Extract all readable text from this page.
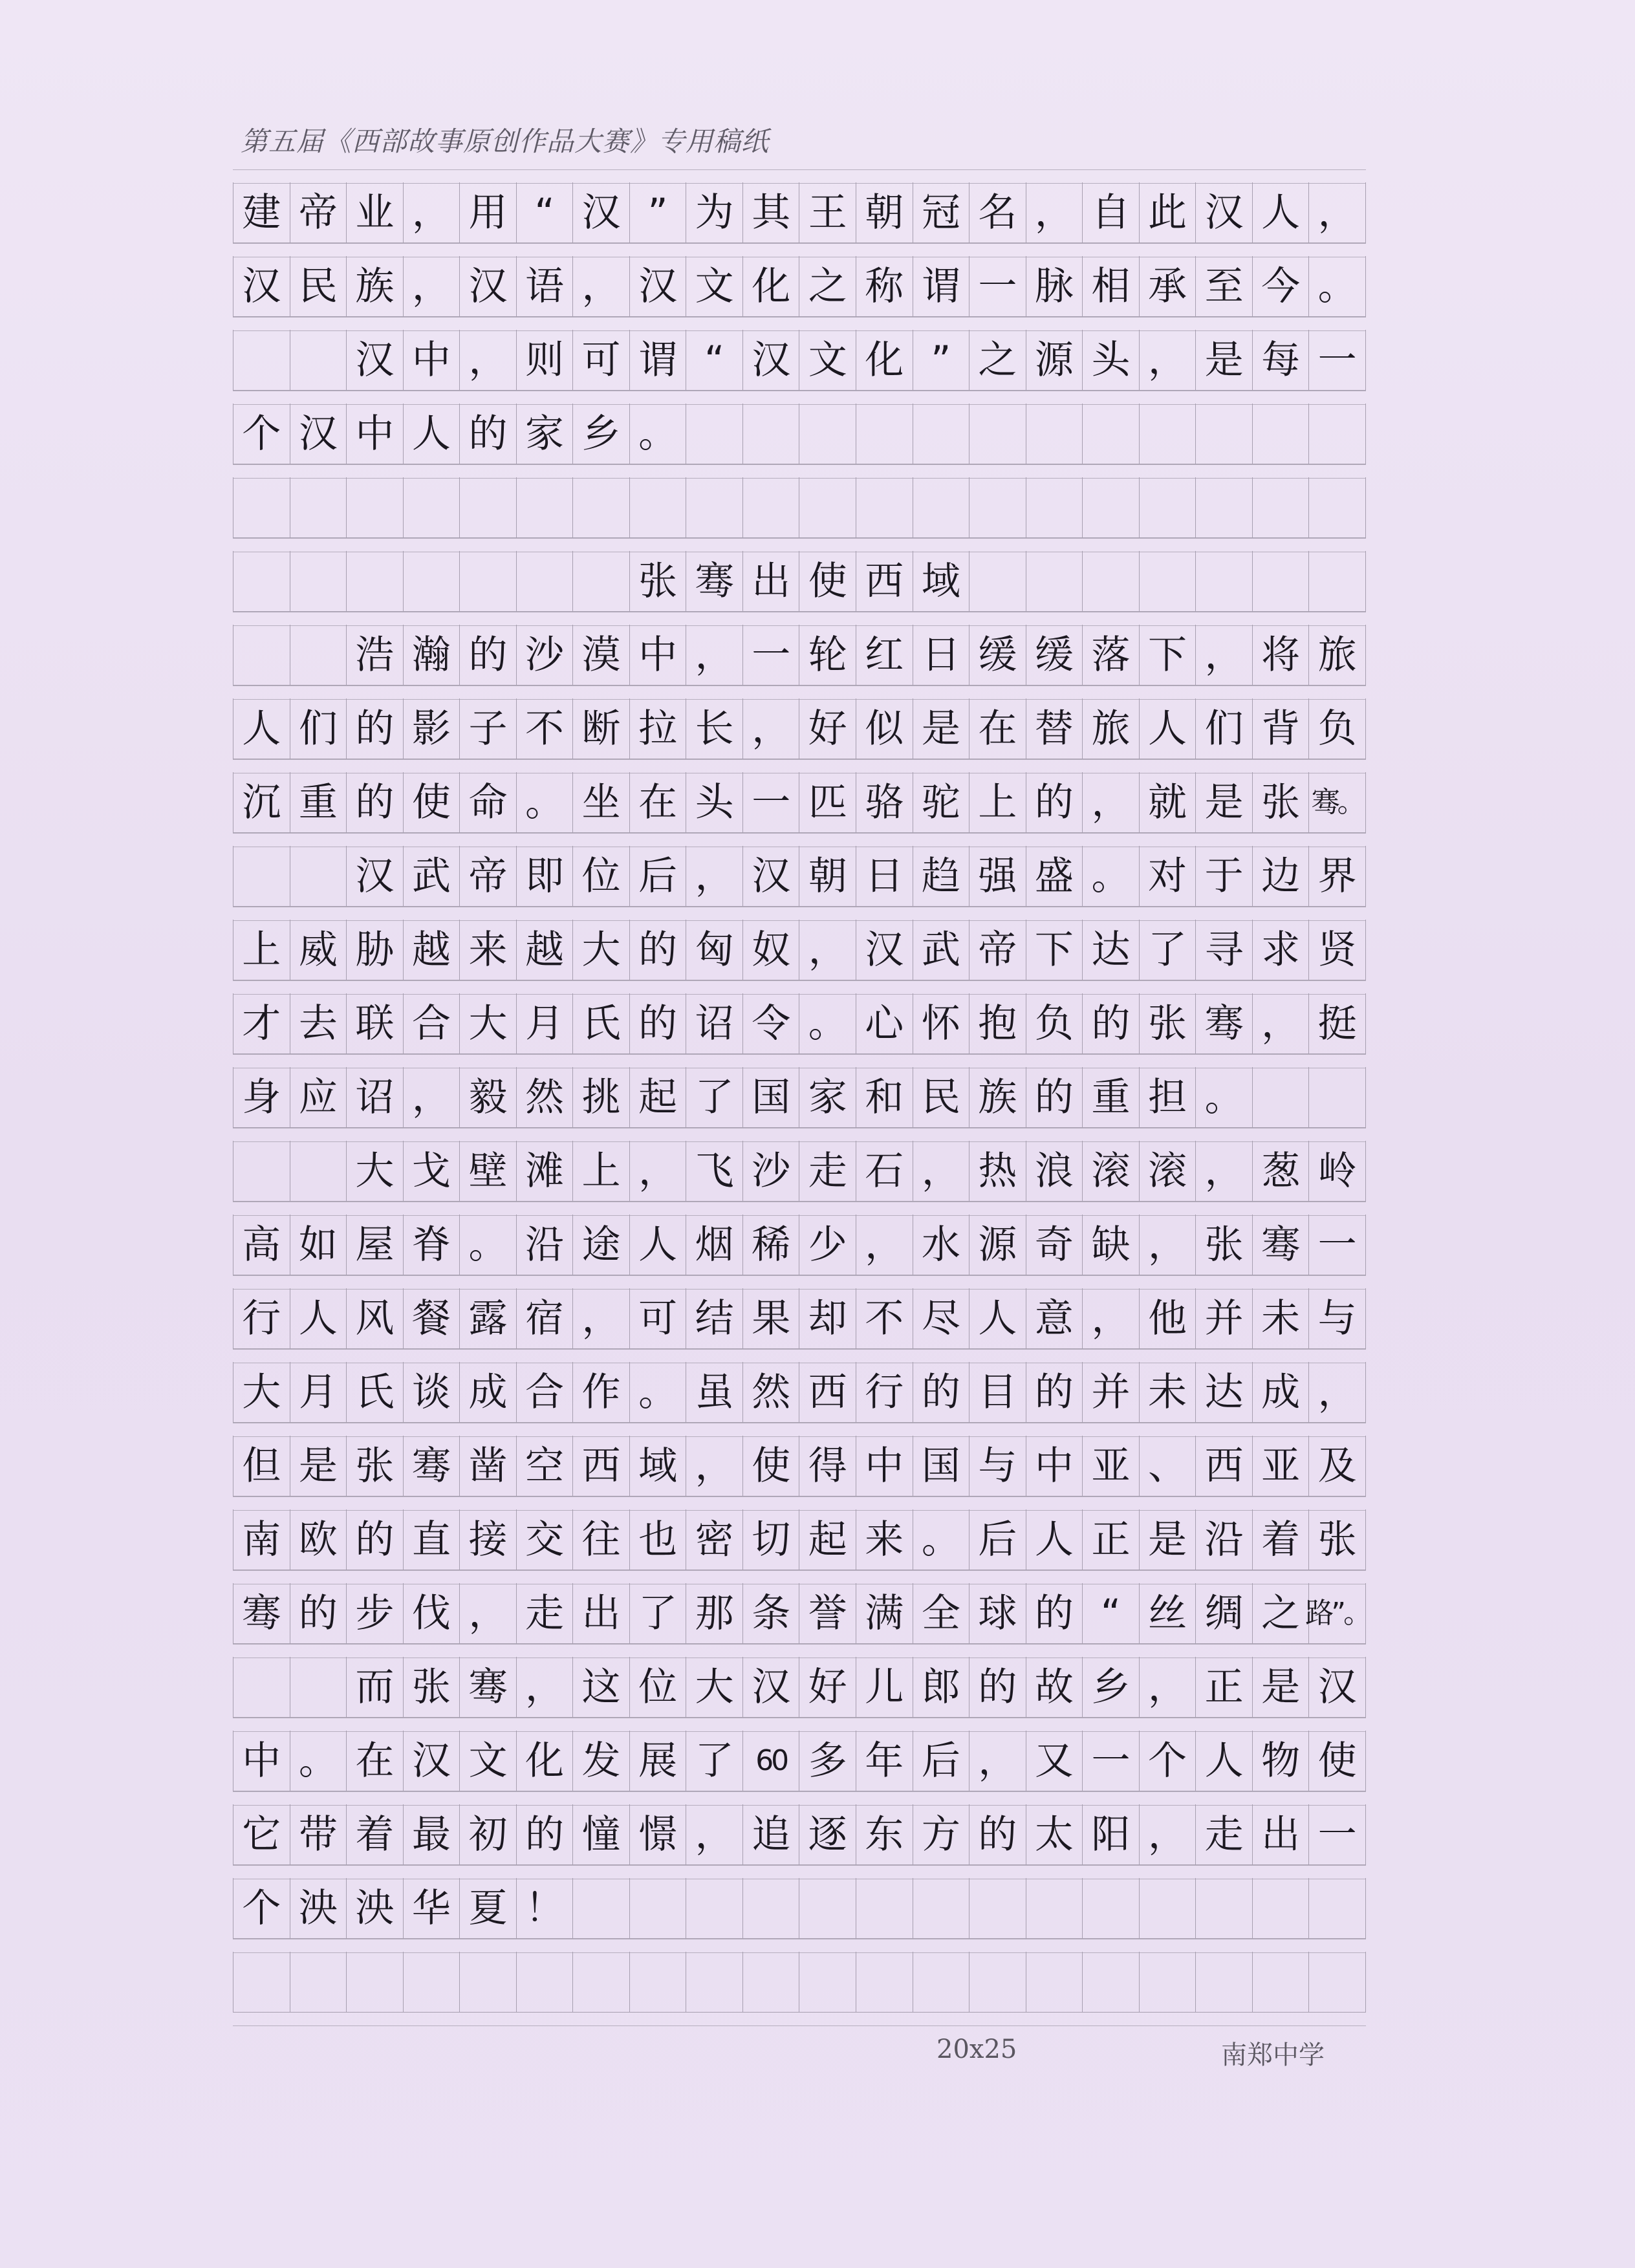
第五届《西部故事原创作品大赛》专用稿纸
建 帝 业 ， 用 “ 汉 ” 为 其 王 朝 冠 名 ， 自 此 汉 人 ，
汉 民 族 ， 汉 语 ， 汉 文 化 之 称 谓 一 脉 相 承 至 今 。
汉 中 ， 则 可 谓 “ 汉 文 化 ” 之 源 头 ， 是 每 一
个 汉 中 人 的 家 乡 。
张 骞 出 使 西 域
浩 瀚 的 沙 漠 中 ， 一 轮 红 日 缓 缓 落 下 ， 将 旅
人 们 的 影 子 不 断 拉 长 ， 好 似 是 在 替 旅 人 们 背 负
沉 重 的 使 命 。 坐 在 头 一 匹 骆 驼 上 的 ， 就 是 张 骞。
汉 武 帝 即 位 后 ， 汉 朝 日 趋 强 盛 。 对 于 边 界
上 威 胁 越 来 越 大 的 匈 奴 ， 汉 武 帝 下 达 了 寻 求 贤
才 去 联 合 大 月 氏 的 诏 令 。 心 怀 抱 负 的 张 骞 ， 挺
身 应 诏 ， 毅 然 挑 起 了 国 家 和 民 族 的 重 担 。
大 戈 壁 滩 上 ， 飞 沙 走 石 ， 热 浪 滚 滚 ， 葱 岭
高 如 屋 脊 。 沿 途 人 烟 稀 少 ， 水 源 奇 缺 ， 张 骞 一
行 人 风 餐 露 宿 ， 可 结 果 却 不 尽 人 意 ， 他 并 未 与
大 月 氏 谈 成 合 作 。 虽 然 西 行 的 目 的 并 未 达 成 ，
但 是 张 骞 凿 空 西 域 ， 使 得 中 国 与 中 亚 、 西 亚 及
南 欧 的 直 接 交 往 也 密 切 起 来 。 后 人 正 是 沿 着 张
骞 的 步 伐 ， 走 出 了 那 条 誉 满 全 球 的 “ 丝 绸 之 路”。
而 张 骞 ， 这 位 大 汉 好 儿 郎 的 故 乡 ， 正 是 汉
中 。 在 汉 文 化 发 展 了 60 多 年 后 ， 又 一 个 人 物 使
它 带 着 最 初 的 憧 憬 ， 追 逐 东 方 的 太 阳 ， 走 出 一
个 泱 泱 华 夏 ！
20x25	南郑中学
